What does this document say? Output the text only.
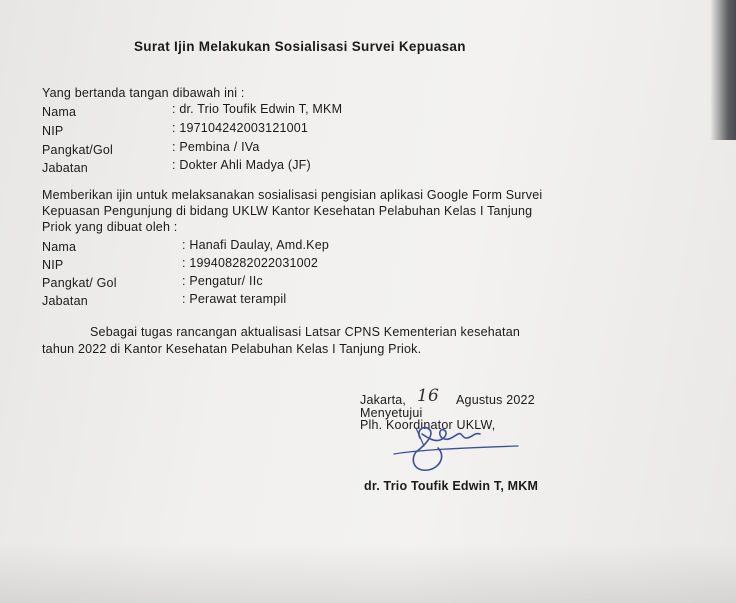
Surat Ijin Melakukan Sosialisasi Survei Kepuasan
Yang bertanda tangan dibawah ini :
Nama	: dr. Trio Toufik Edwin T, MKM
NIP	: 197104242003121001
Pangkat/Gol	: Pembina / IVa
Jabatan	: Dokter Ahli Madya (JF)
Memberikan ijin untuk melaksanakan sosialisasi pengisian aplikasi Google Form Survei
Kepuasan Pengunjung di bidang UKLW Kantor Kesehatan Pelabuhan Kelas I Tanjung
Priok yang dibuat oleh :
Nama	: Hanafi Daulay, Amd.Kep
NIP	: 199408282022031002
Pangkat/ Gol	: Pengatur/ IIc
Jabatan	: Perawat terampil
Sebagai tugas rancangan aktualisasi Latsar CPNS Kementerian kesehatan
tahun 2022 di Kantor Kesehatan Pelabuhan Kelas I Tanjung Priok.
Jakarta, 16 Agustus 2022
Menyetujui
Plh. Koordinator UKLW,
dr. Trio Toufik Edwin T, MKM
